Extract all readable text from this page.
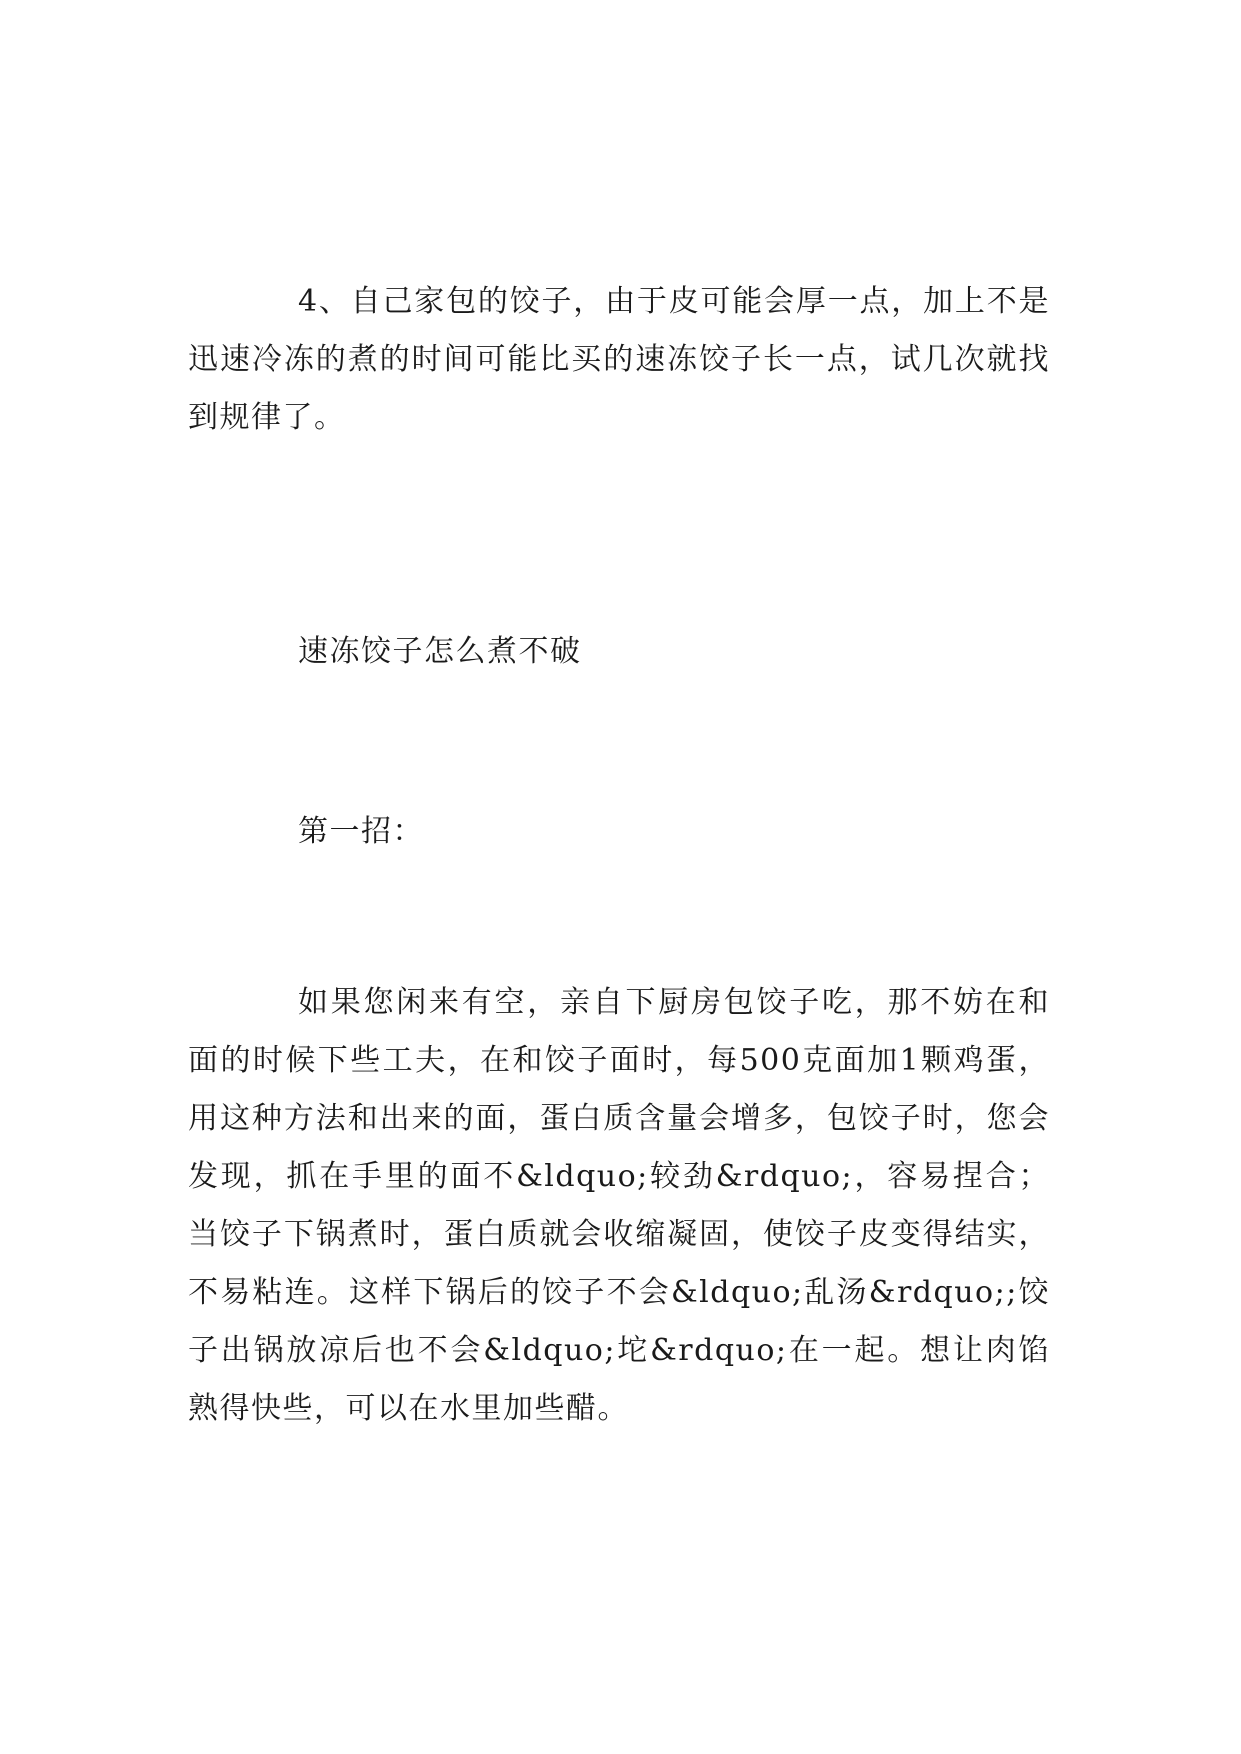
4、自己家包的饺子，由于皮可能会厚一点，加上不是迅速冷冻的煮的时间可能比买的速冻饺子长一点，试几次就找到规律了。

速冻饺子怎么煮不破

第一招：

如果您闲来有空，亲自下厨房包饺子吃，那不妨在和面的时候下些工夫，在和饺子面时，每500克面加1颗鸡蛋，用这种方法和出来的面，蛋白质含量会增多，包饺子时，您会发现，抓在手里的面不&ldquo;较劲&rdquo;，容易捏合；当饺子下锅煮时，蛋白质就会收缩凝固，使饺子皮变得结实，不易粘连。这样下锅后的饺子不会&ldquo;乱汤&rdquo;;饺子出锅放凉后也不会&ldquo;坨&rdquo;在一起。想让肉馅熟得快些，可以在水里加些醋。
